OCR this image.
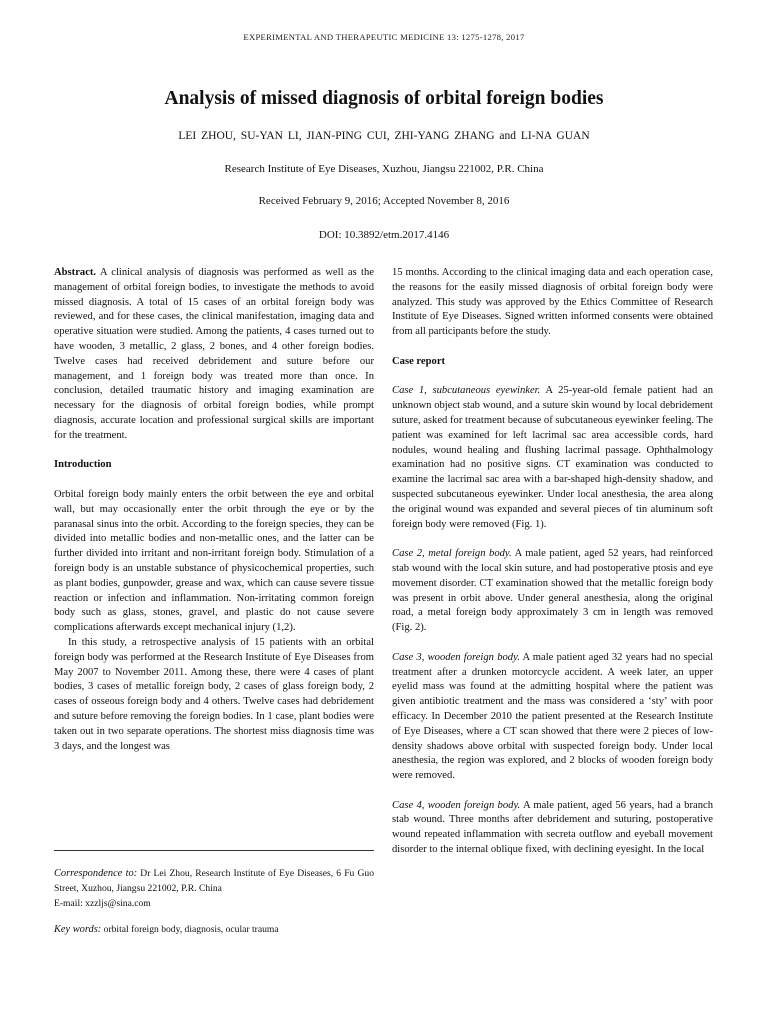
EXPERIMENTAL AND THERAPEUTIC MEDICINE 13: 1275-1278, 2017
Analysis of missed diagnosis of orbital foreign bodies
LEI ZHOU, SU-YAN LI, JIAN-PING CUI, ZHI-YANG ZHANG and LI-NA GUAN
Research Institute of Eye Diseases, Xuzhou, Jiangsu 221002, P.R. China
Received February 9, 2016; Accepted November 8, 2016
DOI: 10.3892/etm.2017.4146

Abstract. A clinical analysis of diagnosis was performed as well as the management of orbital foreign bodies, to investigate the methods to avoid missed diagnosis. A total of 15 cases of an orbital foreign body was reviewed, and for these cases, the clinical manifestation, imaging data and operative situation were studied. Among the patients, 4 cases turned out to have wooden, 3 metallic, 2 glass, 2 bones, and 4 other foreign bodies. Twelve cases had received debridement and suture before our management, and 1 foreign body was treated more than once. In conclusion, detailed traumatic history and imaging examination are necessary for the diagnosis of orbital foreign bodies, while prompt diagnosis, accurate location and professional surgical skills are important for the treatment.

Introduction

Orbital foreign body mainly enters the orbit between the eye and orbital wall, but may occasionally enter the orbit through the eye or by the paranasal sinus into the orbit. According to the foreign species, they can be divided into metallic bodies and non-metallic ones, and the latter can be further divided into irritant and non-irritant foreign body. Stimulation of a foreign body is an unstable substance of physicochemical properties, such as plant bodies, gunpowder, grease and wax, which can cause severe tissue reaction or infection and inflammation. Non-irritating common foreign body such as glass, stones, gravel, and plastic do not cause severe complications afterwards except mechanical injury (1,2).

In this study, a retrospective analysis of 15 patients with an orbital foreign body was performed at the Research Institute of Eye Diseases from May 2007 to November 2011. Among these, there were 4 cases of plant bodies, 3 cases of metallic foreign body, 2 cases of glass foreign body, 2 cases of osseous foreign body and 4 others. Twelve cases had debridement and suture before removing the foreign bodies. In 1 case, plant bodies were taken out in two separate operations. The shortest miss diagnosis time was 3 days, and the longest was

15 months. According to the clinical imaging data and each operation case, the reasons for the easily missed diagnosis of orbital foreign body were analyzed. This study was approved by the Ethics Committee of Research Institute of Eye Diseases. Signed written informed consents were obtained from all participants before the study.

Case report

Case 1, subcutaneous eyewinker. A 25-year-old female patient had an unknown object stab wound, and a suture skin wound by local debridement suture, asked for treatment because of subcutaneous eyewinker feeling. The patient was examined for left lacrimal sac area accessible cords, hard nodules, wound healing and flushing lacrimal passage. Ophthalmology examination had no positive signs. CT examination was conducted to examine the lacrimal sac area with a bar-shaped high-density shadow, and suspected subcutaneous eyewinker. Under local anesthesia, the area along the original wound was expanded and several pieces of tin aluminum soft foreign body were removed (Fig. 1).

Case 2, metal foreign body. A male patient, aged 52 years, had reinforced stab wound with the local skin suture, and had postoperative ptosis and eye movement disorder. CT examination showed that the metallic foreign body was present in orbit above. Under general anesthesia, along the original road, a metal foreign body approximately 3 cm in length was removed (Fig. 2).

Case 3, wooden foreign body. A male patient aged 32 years had no special treatment after a drunken motorcycle accident. A week later, an upper eyelid mass was found at the admitting hospital where the patient was given antibiotic treatment and the mass was considered a ‘sty’ with poor efficacy. In December 2010 the patient presented at the Research Institute of Eye Diseases, where a CT scan showed that there were 2 pieces of low-density shadows above orbital with suspected foreign body. Under local anesthesia, the region was explored, and 2 blocks of wooden foreign body were removed.

Case 4, wooden foreign body. A male patient, aged 56 years, had a branch stab wound. Three months after debridement and suturing, postoperative wound repeated inflammation with secreta outflow and eyeball movement disorder to the internal oblique fixed, with declining eyesight. In the local

Correspondence to: Dr Lei Zhou, Research Institute of Eye Diseases, 6 Fu Guo Street, Xuzhou, Jiangsu 221002, P.R. China

E-mail: xzzljs@sina.com

Key words: orbital foreign body, diagnosis, ocular trauma
